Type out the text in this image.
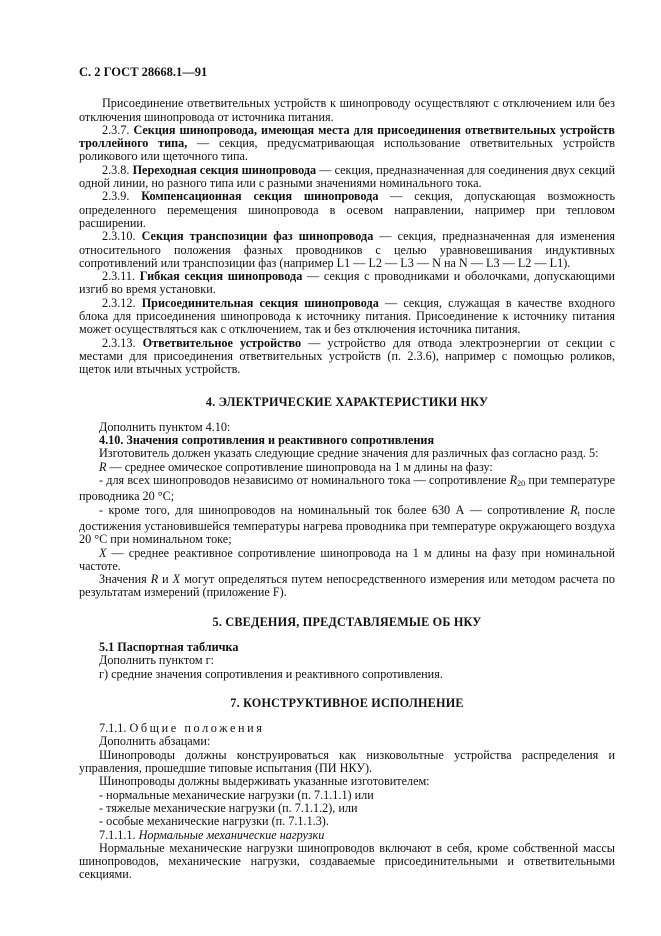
С. 2 ГОСТ 28668.1—91

Присоединение ответвительных устройств к шинопроводу осуществляют с отключением или без отключения шинопровода от источника питания.

2.3.7. Секция шинопровода, имеющая места для присоединения ответвительных устройств троллейного типа, — секция, предусматривающая использование ответвительных устройств роликового или щеточного типа.

2.3.8. Переходная секция шинопровода — секция, предназначенная для соединения двух секций одной линии, но разного типа или с разными значениями номинального тока.

2.3.9. Компенсационная секция шинопровода — секция, допускающая возможность определенного перемещения шинопровода в осевом направлении, например при тепловом расширении.

2.3.10. Секция транспозиции фаз шинопровода — секция, предназначенная для изменения относительного положения фазных проводников с целью уравновешивания индуктивных сопротивлений или транспозиции фаз (например L1 — L2 — L3 — N на N — L3 — L2 — L1).

2.3.11. Гибкая секция шинопровода — секция с проводниками и оболочками, допускающими изгиб во время установки.

2.3.12. Присоединительная секция шинопровода — секция, служащая в качестве входного блока для присоединения шинопровода к источнику питания. Присоединение к источнику питания может осуществляться как с отключением, так и без отключения источника питания.

2.3.13. Ответвительное устройство — устройство для отвода электроэнергии от секции с местами для присоединения ответвительных устройств (п. 2.3.6), например с помощью роликов, щеток или втычных устройств.

4. ЭЛЕКТРИЧЕСКИЕ ХАРАКТЕРИСТИКИ НКУ

Дополнить пунктом 4.10:

4.10. Значения сопротивления и реактивного сопротивления

Изготовитель должен указать следующие средние значения для различных фаз согласно разд. 5:

R — среднее омическое сопротивление шинопровода на 1 м длины на фазу:

- для всех шинопроводов независимо от номинального тока — сопротивление $R_{20}$ при температуре проводника 20 °С;

- кроме того, для шинопроводов на номинальный ток более 630 А — сопротивление $R_t$ после достижения установившейся температуры нагрева проводника при температуре окружающего воздуха 20 °С при номинальном токе;

X — среднее реактивное сопротивление шинопровода на 1 м длины на фазу при номинальной частоте.

Значения R и X могут определяться путем непосредственного измерения или методом расчета по результатам измерений (приложение F).

5. СВЕДЕНИЯ, ПРЕДСТАВЛЯЕМЫЕ ОБ НКУ

5.1 Паспортная табличка

Дополнить пунктом г:

г) средние значения сопротивления и реактивного сопротивления.

7. КОНСТРУКТИВНОЕ ИСПОЛНЕНИЕ

7.1.1. Общие положения

Дополнить абзацами:

Шинопроводы должны конструироваться как низковольтные устройства распределения и управления, прошедшие типовые испытания (ПИ НКУ).

Шинопроводы должны выдерживать указанные изготовителем:

- нормальные механические нагрузки (п. 7.1.1.1) или

- тяжелые механические нагрузки (п. 7.1.1.2), или

- особые механические нагрузки (п. 7.1.1.3).

7.1.1.1. Нормальные механические нагрузки

Нормальные механические нагрузки шинопроводов включают в себя, кроме собственной массы шинопроводов, механические нагрузки, создаваемые присоединительными и ответвительными секциями.
